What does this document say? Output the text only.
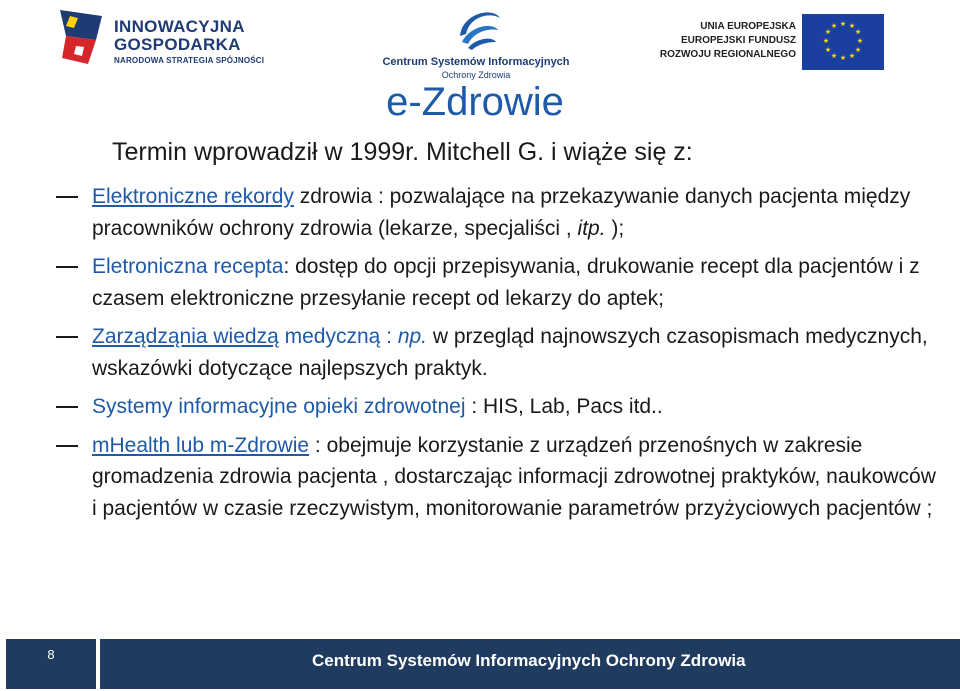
INNOWACYJNA
GOSPODARKA
NARODOWA STRATEGIA SPÓJNOŚCI	Centrum Systemów Informacyjnych
Ochrony Zdrowia
UNIA EUROPEJSKA
EUROPEJSKI FUNDUSZ
ROZWOJU REGIONALNEGO
★ ★
★
★
★
★
★
★
★
★
★
★
e-Zdrowie
Termin wprowadził w 1999r. Mitchell G. i wiąże się z:
Elektroniczne rekordy zdrowia : pozwalające na przekazywanie danych pacjenta między pracowników ochrony zdrowia (lekarze, specjaliści , itp. );
Eletroniczna recepta: dostęp do opcji przepisywania, drukowanie recept dla pacjentów i z czasem elektroniczne przesyłanie recept od lekarzy do aptek;
Zarządząnia wiedzą medyczną : np. w przegląd najnowszych czasopismach medycznych, wskazówki dotyczące najlepszych praktyk.
Systemy informacyjne opieki zdrowotnej : HIS, Lab, Pacs itd..
mHealth lub m-Zdrowie : obejmuje korzystanie z urządzeń przenośnych w zakresie gromadzenia zdrowia pacjenta , dostarczając informacji zdrowotnej praktyków, naukowców i pacjentów w czasie rzeczywistym, monitorowanie parametrów przyżyciowych pacjentów ;
8	Centrum Systemów Informacyjnych Ochrony Zdrowia
